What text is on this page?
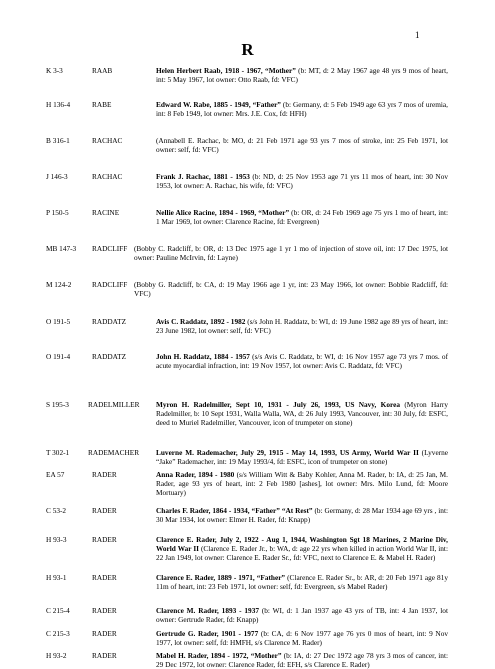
1
R
K 3-3	RAAB	Helen Herbert Raab, 1918 - 1967, “Mother” (b: MT, d: 2 May 1967 age 48 yrs 9 mos of heart, int: 5 May 1967, lot owner: Otto Raab, fd: VFC)
H 136-4	RABE	Edward W. Rabe, 1885 - 1949, “Father” (b: Germany, d: 5 Feb 1949 age 63 yrs 7 mos of uremia, int: 8 Feb 1949, lot owner: Mrs. J.E. Cox, fd: HFH)
B 316-1	RACHAC	(Annabell E. Rachac, b: MO, d: 21 Feb 1971 age 93 yrs 7 mos of stroke, int: 25 Feb 1971, lot owner: self, fd: VFC)
J 146-3	RACHAC	Frank J. Rachac, 1881 - 1953 (b: ND, d: 25 Nov 1953 age 71 yrs 11 mos of heart, int: 30 Nov 1953, lot owner: A. Rachac, his wife, fd: VFC)
P 150-5	RACINE	Nellie Alice Racine, 1894 - 1969, “Mother” (b: OR, d: 24 Feb 1969 age 75 yrs 1 mo of heart, int: 1 Mar 1969, lot owner: Clarence Racine, fd: Evergreen)
MB 147-3 RADCLIFF (Bobby C. Radcliff, b: OR, d: 13 Dec 1975 age 1 yr 1 mo of injection of stove oil, int: 17 Dec 1975, lot owner: Pauline McIrvin, fd: Layne)
M 124-2	RADCLIFF (Bobby G. Radcliff, b: CA, d: 19 May 1966 age 1 yr, int: 23 May 1966, lot owner: Bobbie Radcliff, fd: VFC)
O 191-5	RADDATZ	Avis C. Raddatz, 1892 - 1982 (s/s John H. Raddatz, b: WI, d: 19 June 1982 age 89 yrs of heart, int: 23 June 1982, lot owner: self, fd: VFC)
O 191-4	RADDATZ	John H. Raddatz, 1884 - 1957 (s/s Avis C. Raddatz, b: WI, d: 16 Nov 1957 age 73 yrs 7 mos. of acute myocardial infraction, int: 19 Nov 1957, lot owner: Avis C. Raddatz, fd: VFC)
S 195-3	RADELMILLER Myron H. Radelmiller, Sept 10, 1931 - July 26, 1993, US Navy, Korea (Myron Harry Radelmiller, b: 10 Sept 1931, Walla Walla, WA, d: 26 July 1993, Vancouver, int: 30 July, fd: ESFC, deed to Muriel Radelmiller, Vancouver, icon of trumpeter on stone)
T 302-1	RADEMACHER Luverne M. Rademacher, July 29, 1915 - May 14, 1993, US Army, World War II (Lyverne “Jake” Rademacher, int: 19 May 1993/4, fd: ESFC, icon of trumpeter on stone)
EA 57	RADER	Anna Rader, 1894 - 1980 (s/s William Witt & Baby Kohler, Anna M. Rader, b: IA, d: 25 Jan, M. Rader, age 93 yrs of heart, int: 2 Feb 1980 [ashes], lot owner: Mrs. Milo Lund, fd: Moore Mortuary)
C 53-2	RADER	Charles F. Rader, 1864 - 1934, “Father” “At Rest” (b: Germany, d: 28 Mar 1934 age 69 yrs , int: 30 Mar 1934, lot owner: Elmer H. Rader, fd: Knapp)
H 93-3	RADER	Clarence E. Rader, July 2, 1922 - Aug 1, 1944, Washington Sgt 18 Marines, 2 Marine Div, World War II (Clarence E. Rader Jr., b: WA, d: age 22 yrs when killed in action World War II, int: 22 Jan 1949, lot owner: Clarence E. Rader Sr., fd: VFC, next to Clarence E. & Mabel H. Rader)
H 93-1	RADER	Clarence E. Rader, 1889 - 1971, “Father” (Clarence E. Rader Sr., b: AR, d: 20 Feb 1971 age 81y 11m of heart, int: 23 Feb 1971, lot owner: self, fd: Evergreen, s/s Mabel Rader)
C 215-4	RADER	Clarence M. Rader, 1893 - 1937 (b: WI, d: 1 Jan 1937 age 43 yrs of TB, int: 4 Jan 1937, lot owner: Gertrude Rader, fd: Knapp)
C 215-3	RADER	Gertrude G. Rader, 1901 - 1977 (b: CA, d: 6 Nov 1977 age 76 yrs 0 mos of heart, int: 9 Nov 1977, lot owner: self, fd: HMFH, s/s Clarence M. Rader)
H 93-2	RADER	Mabel H. Rader, 1894 - 1972, “Mother” (b: IA, d: 27 Dec 1972 age 78 yrs 3 mos of cancer, int: 29 Dec 1972, lot owner: Clarence Rader, fd: EFH, s/s Clarence E. Rader)
